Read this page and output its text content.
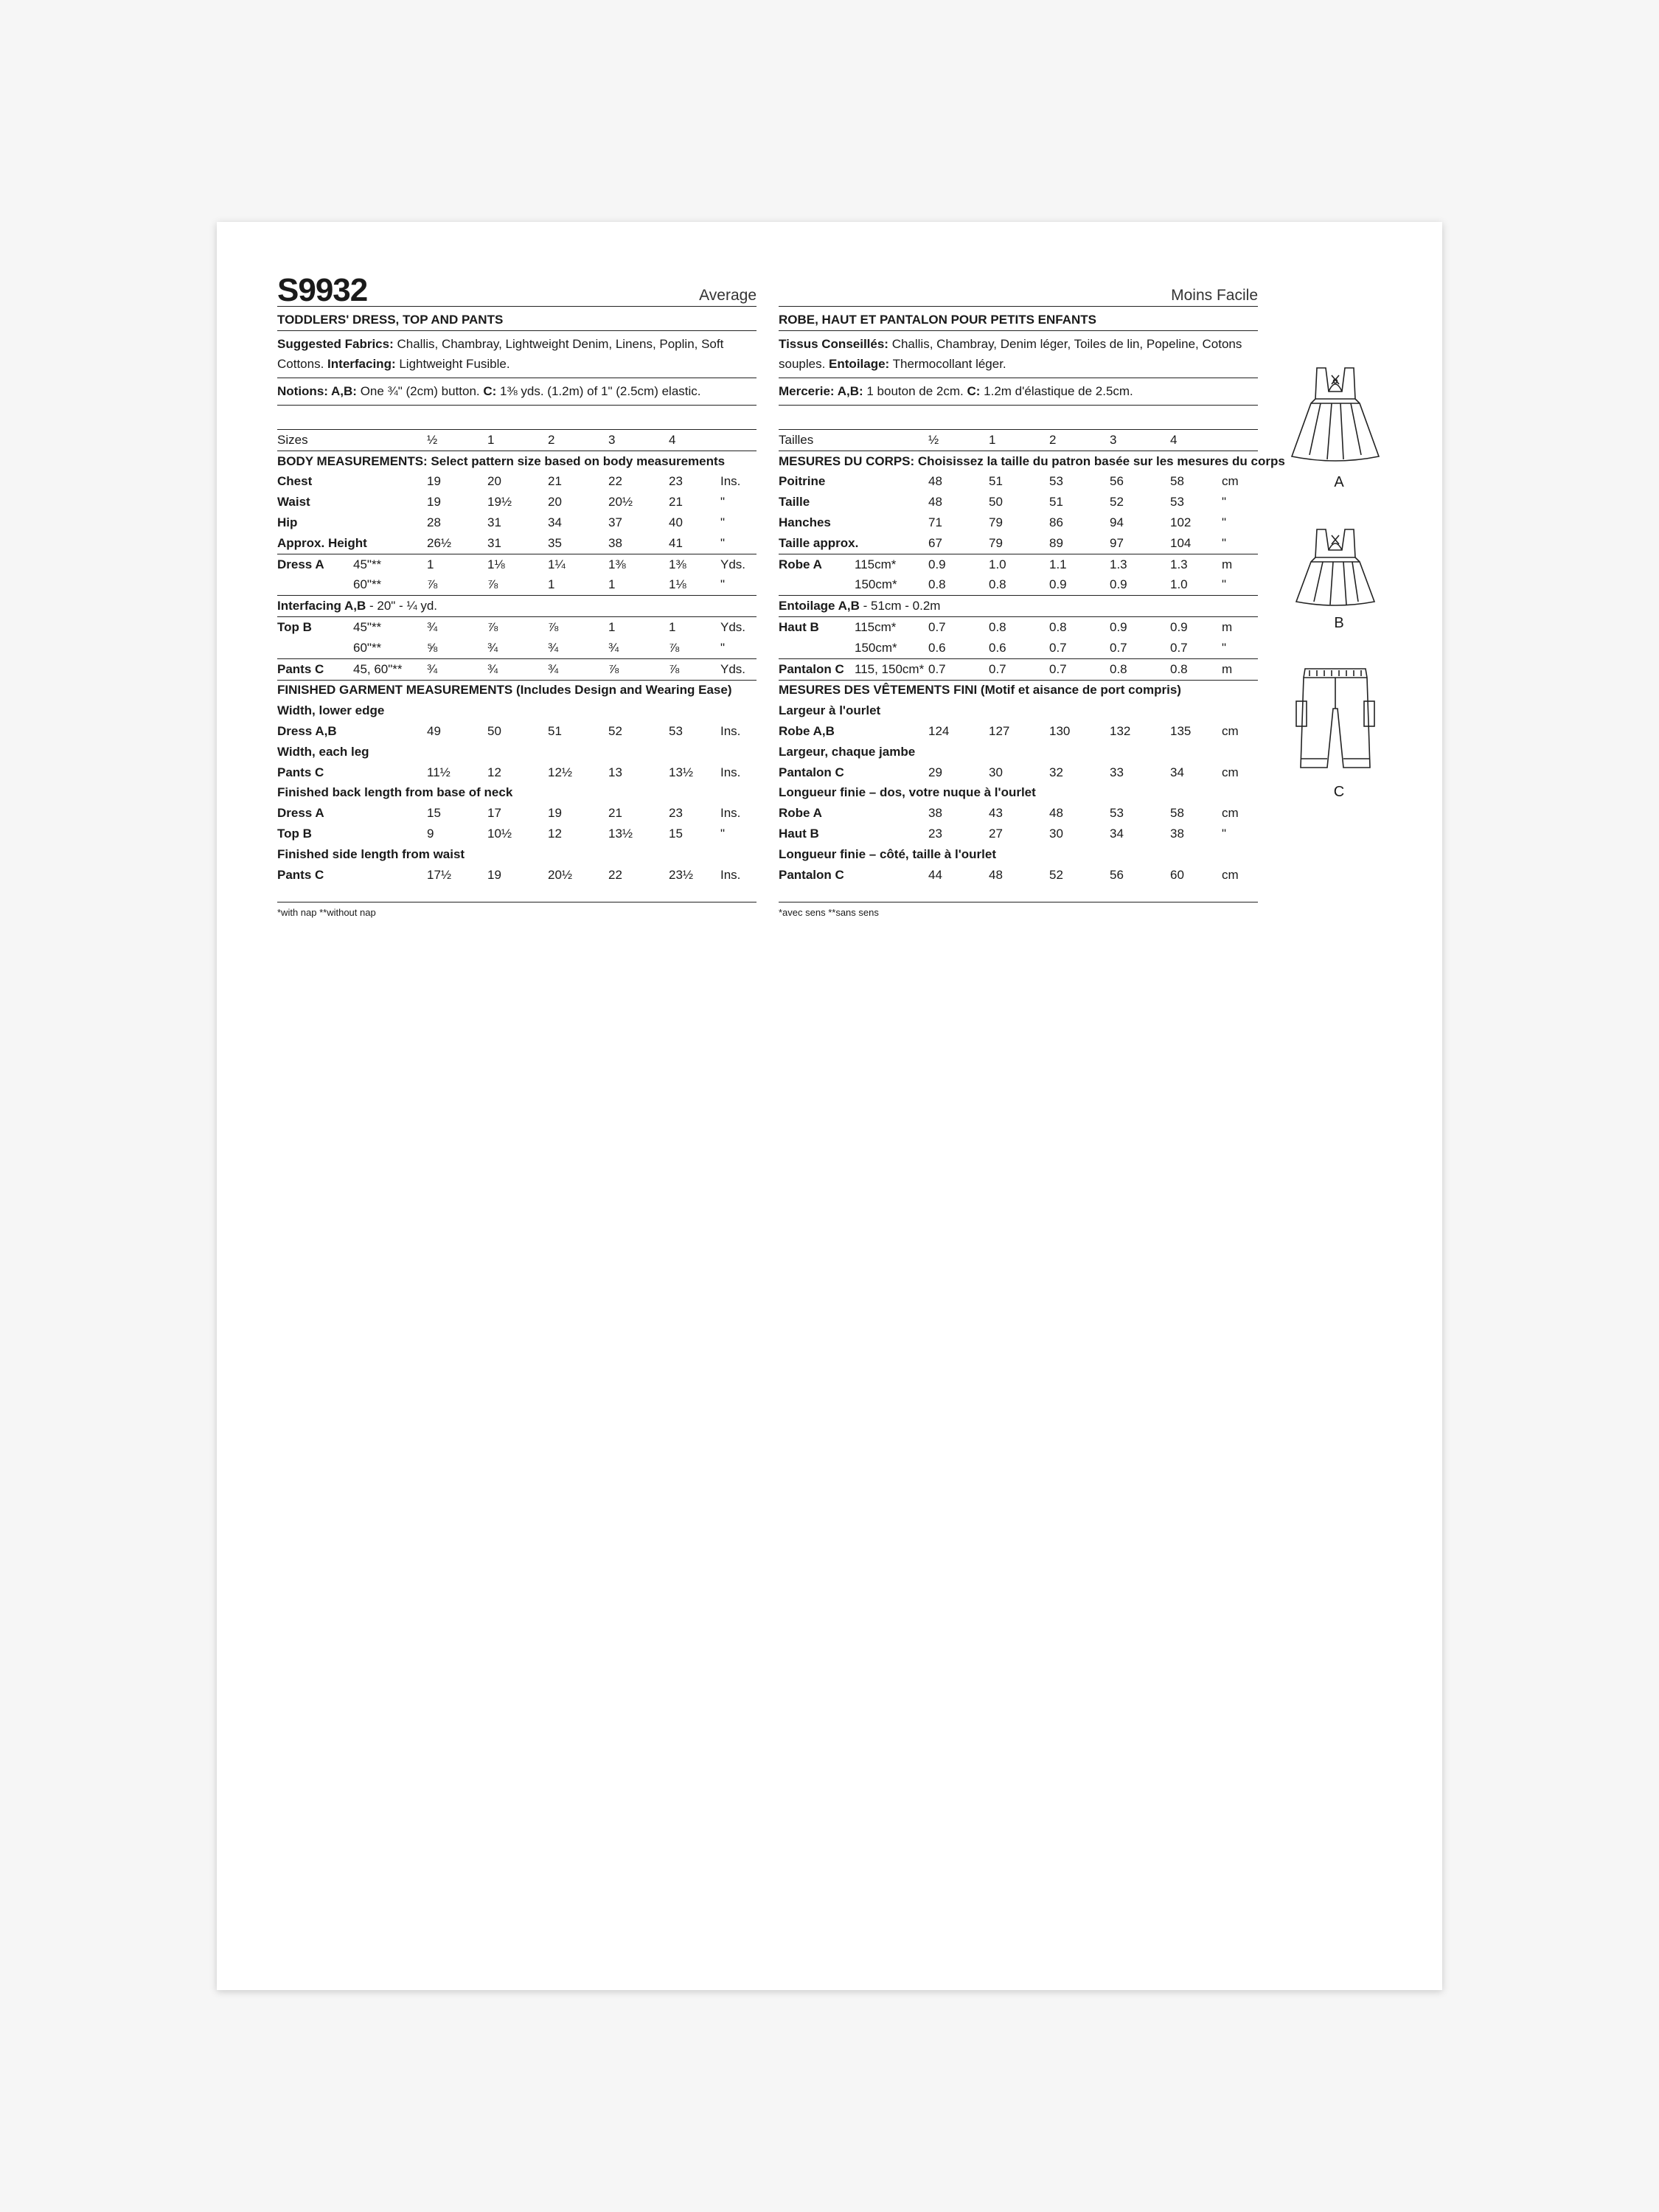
S9932	Average
TODDLERS' DRESS, TOP AND PANTS
Suggested Fabrics: Challis, Chambray, Lightweight Denim, Linens, Poplin, Soft Cottons. Interfacing: Lightweight Fusible.
Notions: A,B: One ¾" (2cm) button. C: 1⅜ yds. (1.2m) of 1" (2.5cm) elastic.
Sizes		½	1	2	3	4	
BODY MEASUREMENTS: Select pattern size based on body measurements							
Chest		19	20	21	22	23	Ins.
Waist		19	19½	20	20½	21	"
Hip		28	31	34	37	40	"
Approx. Height		26½	31	35	38	41	"
Dress A	45"**	1	1⅛	1¼	1⅜	1⅜	Yds.
	60"**	⅞	⅞	1	1	1⅛	"
Interfacing A,B - 20" - ¼ yd.							
Top B	45"**	¾	⅞	⅞	1	1	Yds.
	60"**	⅝	¾	¾	¾	⅞	"
Pants C	45, 60"**	¾	¾	¾	⅞	⅞	Yds.
FINISHED GARMENT MEASUREMENTS (Includes Design and Wearing Ease)							
Width, lower edge							
Dress A,B		49	50	51	52	53	Ins.
Width, each leg							
Pants C		11½	12	12½	13	13½	Ins.
Finished back length from base of neck							
Dress A		15	17	19	21	23	Ins.
Top B		9	10½	12	13½	15	"
Finished side length from waist							
Pants C		17½	19	20½	22	23½	Ins.
*with nap **without nap
Moins Facile
ROBE, HAUT ET PANTALON POUR PETITS ENFANTS
Tissus Conseillés: Challis, Chambray, Denim léger, Toiles de lin, Popeline, Cotons souples. Entoilage: Thermocollant léger.
Mercerie: A,B: 1 bouton de 2cm. C: 1.2m d'élastique de 2.5cm.
Tailles		½	1	2	3	4	
MESURES DU CORPS: Choisissez la taille du patron basée sur les mesures du corps							
Poitrine		48	51	53	56	58	cm
Taille		48	50	51	52	53	"
Hanches		71	79	86	94	102	"
Taille approx.		67	79	89	97	104	"
Robe A	115cm*	0.9	1.0	1.1	1.3	1.3	m
	150cm*	0.8	0.8	0.9	0.9	1.0	"
Entoilage A,B - 51cm - 0.2m							
Haut B	115cm*	0.7	0.8	0.8	0.9	0.9	m
	150cm*	0.6	0.6	0.7	0.7	0.7	"
Pantalon C	115, 150cm*	0.7	0.7	0.7	0.8	0.8	m
MESURES DES VÊTEMENTS FINI (Motif et aisance de port compris)							
Largeur à l'ourlet							
Robe A,B		124	127	130	132	135	cm
Largeur, chaque jambe							
Pantalon C		29	30	32	33	34	cm
Longueur finie – dos, votre nuque à l'ourlet							
Robe A		38	43	48	53	58	cm
Haut B		23	27	30	34	38	"
Longueur finie – côté, taille à l'ourlet							
Pantalon C		44	48	52	56	60	cm
*avec sens **sans sens
A
B
C
